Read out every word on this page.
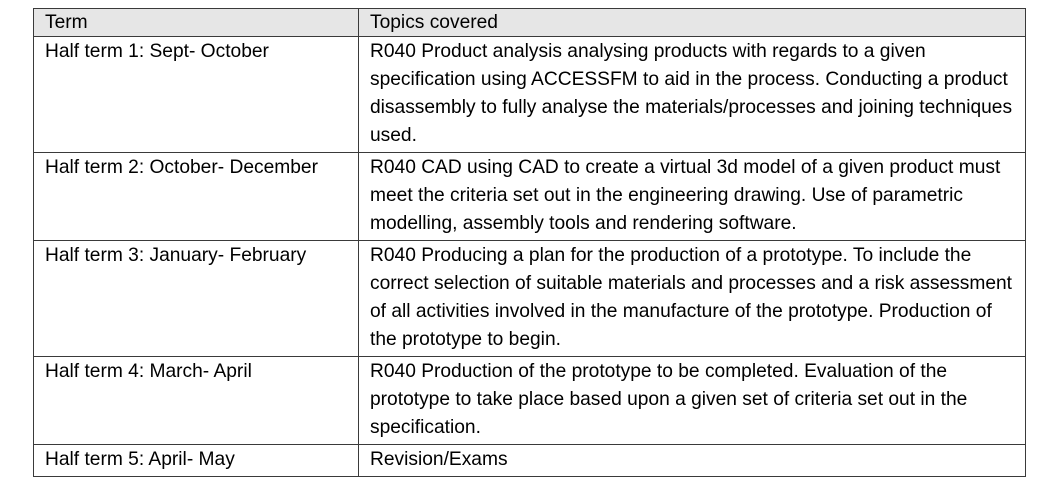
Term	Topics covered
Half term 1: Sept- October	R040 Product analysis analysing products with regards to a given specification using ACCESSFM to aid in the process. Conducting a product disassembly to fully analyse the materials/processes and joining techniques used.
Half term 2: October- December	R040 CAD using CAD to create a virtual 3d model of a given product must meet the criteria set out in the engineering drawing. Use of parametric modelling, assembly tools and rendering software.
Half term 3: January- February	R040 Producing a plan for the production of a prototype. To include the correct selection of suitable materials and processes and a risk assessment of all activities involved in the manufacture of the prototype. Production of the prototype to begin.
Half term 4: March- April	R040 Production of the prototype to be completed. Evaluation of the prototype to take place based upon a given set of criteria set out in the specification.
Half term 5: April- May	Revision/Exams
